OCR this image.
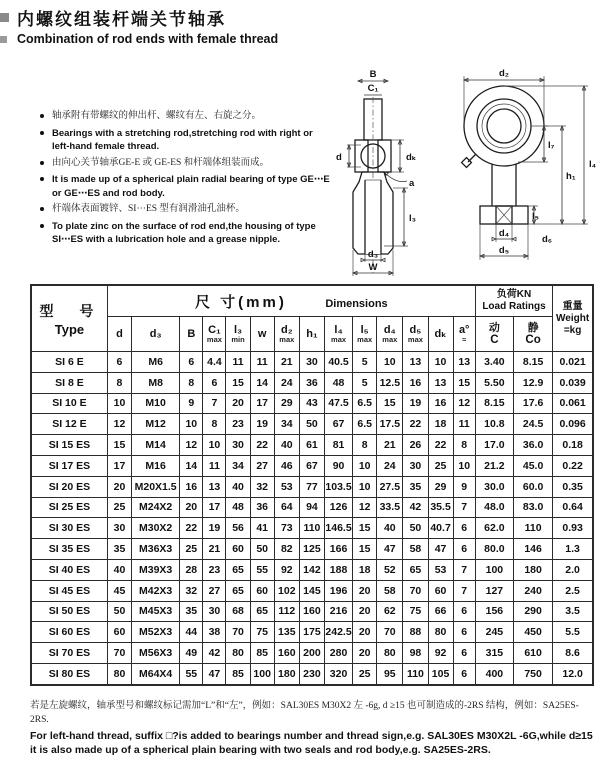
内螺纹组装杆端关节轴承
Combination of rod ends with female thread
轴承附有带螺纹的伸出杆、螺纹有左、右旋之分。
Bearings with a stretching rod,stretching rod with right or left-hand female thread.
由向心关节轴承GE-E 或 GE-ES 和杆端体组装而成。
It is made up of a spherical plain radial bearing of type GE⋯E or GE⋯ES and rod body.
杆端体表面镀锌、SI⋯ES 型有润滑油孔油杯。
To plate zinc on the surface of rod end,the housing of type SI⋯ES with a lubrication hole and a grease nipple.
B
C₁
d	dₖ
a
l₃
d₃
W
d₂
l₇
h₁
l₄
l₅
d₄
d₆
d₅
型　号
Type
	尺 寸(mm)	Dimensions	
负荷KN
Load Ratings	重量
Weight
=kg

d	d₃	B	C₁
max

l₃
min	w	d₂
max	h₁	l₄
max

l₅
max

d₄
max

d₅
max	dₖ	a°
≈

动
C

静
Co

SI 6 E	6	M6	6	4.4	11	11	21	30	40.5	5	10	13	10	13	3.40	8.15	0.021
SI 8 E	8	M8	8	6	15	14	24	36	48	5	12.5	16	13	15	5.50	12.9	0.039
SI 10 E	10	M10	9	7	20	17	29	43	47.5	6.5	15	19	16	12	8.15	17.6	0.061
SI 12 E	12	M12	10	8	23	19	34	50	67	6.5	17.5	22	18	11	10.8	24.5	0.096
SI 15 ES	15	M14	12	10	30	22	40	61	81	8	21	26	22	8	17.0	36.0	0.18
SI 17 ES	17	M16	14	11	34	27	46	67	90	10	24	30	25	10	21.2	45.0	0.22
SI 20 ES	20	M20X1.5	16	13	40	32	53	77	103.5	10	27.5	35	29	9	30.0	60.0	0.35
SI 25 ES	25	M24X2	20	17	48	36	64	94	126	12	33.5	42	35.5	7	48.0	83.0	0.64
SI 30 ES	30	M30X2	22	19	56	41	73	110	146.5	15	40	50	40.7	6	62.0	110	0.93
SI 35 ES	35	M36X3	25	21	60	50	82	125	166	15	47	58	47	6	80.0	146	1.3
SI 40 ES	40	M39X3	28	23	65	55	92	142	188	18	52	65	53	7	100	180	2.0
SI 45 ES	45	M42X3	32	27	65	60	102	145	196	20	58	70	60	7	127	240	2.5
SI 50 ES	50	M45X3	35	30	68	65	112	160	216	20	62	75	66	6	156	290	3.5
SI 60 ES	60	M52X3	44	38	70	75	135	175	242.5	20	70	88	80	6	245	450	5.5
SI 70 ES	70	M56X3	49	42	80	85	160	200	280	20	80	98	92	6	315	610	8.6
SI 80 ES	80	M64X4	55	47	85	100	180	230	320	25	95	110	105	6	400	750	12.0
若是左旋螺纹，轴承型号和螺纹标记需加“L”和“左”，例如：SAL30ES M30X2 左 -6g, d ≥15 也可制造成的-2RS 结构，例如：SA25ES-2RS.
For left-hand thread, suffix □?is added to bearings number and thread sign,e.g. SAL30ES M30X2L -6G,while d≥15 it is also made up of a spherical plain bearing with two seals and rod body,e.g. SA25ES-2RS.
